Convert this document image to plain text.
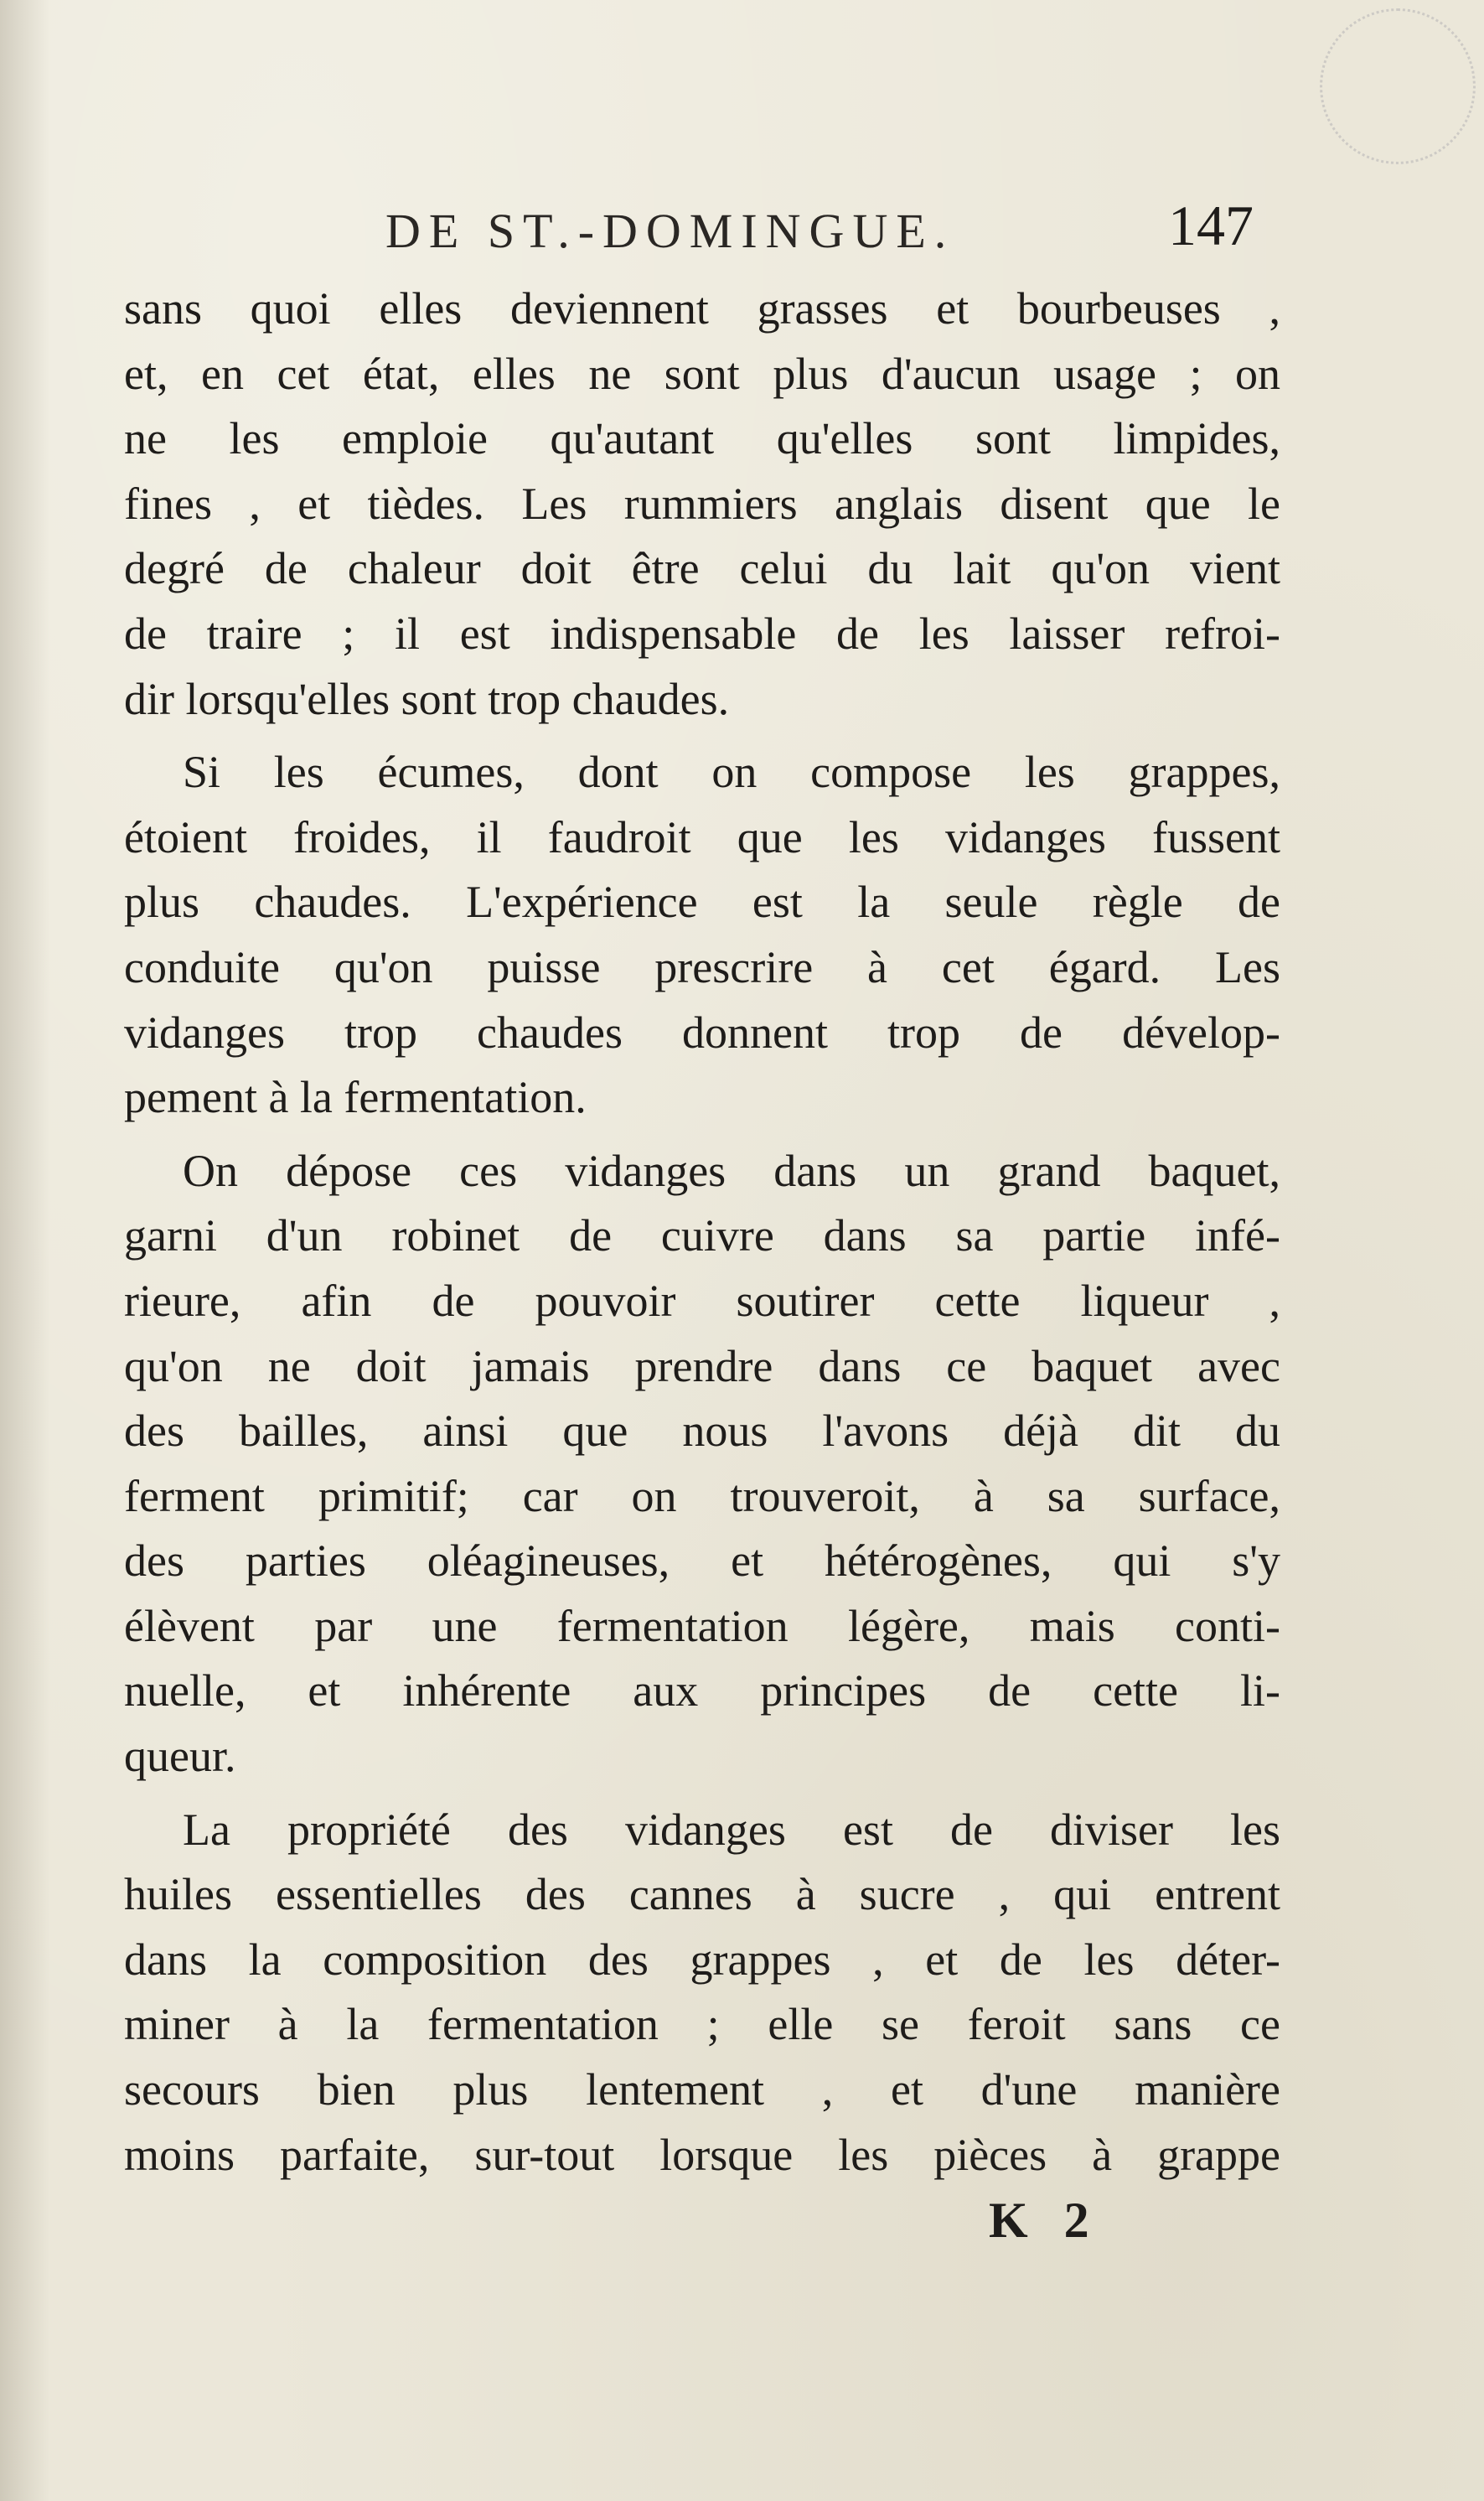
DE ST.-DOMINGUE.	147
sans quoi elles deviennent grasses et bourbeuses ,
et, en cet état, elles ne sont plus d'aucun usage ; on
ne les emploie qu'autant qu'elles sont limpides,
fines , et tièdes. Les rummiers anglais disent que le
degré de chaleur doit être celui du lait qu'on vient
de traire ; il est indispensable de les laisser refroi-
dir lorsqu'elles sont trop chaudes.
Si les écumes, dont on compose les grappes,
étoient froides, il faudroit que les vidanges fussent
plus chaudes. L'expérience est la seule règle de
conduite qu'on puisse prescrire à cet égard. Les
vidanges trop chaudes donnent trop de dévelop-
pement à la fermentation.
On dépose ces vidanges dans un grand baquet,
garni d'un robinet de cuivre dans sa partie infé-
rieure, afin de pouvoir soutirer cette liqueur ,
qu'on ne doit jamais prendre dans ce baquet avec
des bailles, ainsi que nous l'avons déjà dit du
ferment primitif; car on trouveroit, à sa surface,
des parties oléagineuses, et hétérogènes, qui s'y
élèvent par une fermentation légère, mais conti-
nuelle, et inhérente aux principes de cette li-
queur.
La propriété des vidanges est de diviser les
huiles essentielles des cannes à sucre , qui entrent
dans la composition des grappes , et de les déter-
miner à la fermentation ; elle se feroit sans ce
secours bien plus lentement , et d'une manière
moins parfaite, sur-tout lorsque les pièces à grappe
K 2
